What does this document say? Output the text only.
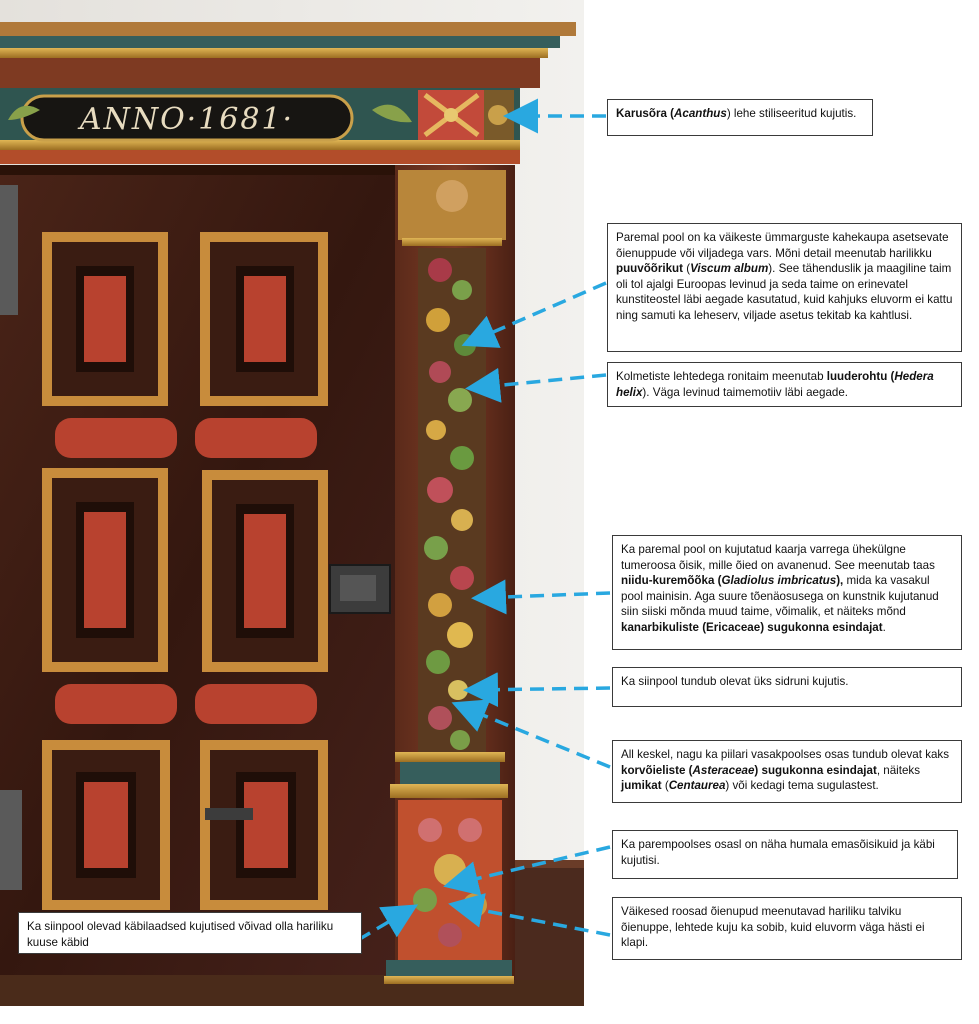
ANNO·1681·	Karusõra (Acanthus) lehe stiliseeritud kujutis.
Paremal pool on ka väikeste ümmarguste kahekaupa asetsevate õienuppude või viljadega vars. Mõni detail meenutab harilikku puuvõõrikut (Viscum album). See tähenduslik ja maagiline taim oli tol ajalgi Euroopas levinud ja seda taime on erinevatel kunstiteostel läbi aegade kasutatud, kuid kahjuks eluvorm ei kattu ning samuti ka leheserv, viljade asetus tekitab ka kahtlusi.
Kolmetiste lehtedega ronitaim meenutab luuderohtu (Hedera helix). Väga levinud taimemotiiv läbi aegade.
Ka paremal pool on kujutatud kaarja varrega ühekülgne tumeroosa õisik, mille õied on avanenud. See meenutab taas niidu-kuremõõka (Gladiolus imbricatus), mida ka vasakul pool mainisin. Aga suure tõenäosusega on kunstnik kujutanud siin siiski mõnda muud taime, võimalik, et näiteks mõnd kanarbikuliste (Ericaceae) sugukonna esindajat.
Ka siinpool tundub olevat üks sidruni kujutis.
All keskel, nagu ka piilari vasakpoolses osas tundub olevat kaks korvõieliste (Asteraceae) sugukonna esindajat, näiteks jumikat (Centaurea) või kedagi tema sugulastest.
Ka parempoolses osasl on näha humala emasõisikuid ja käbi kujutisi.
Väikesed roosad õienupud meenutavad hariliku talviku õienuppe, lehtede kuju ka sobib, kuid eluvorm väga hästi ei klapi.
Ka siinpool olevad käbilaadsed kujutised võivad olla hariliku kuuse käbid
